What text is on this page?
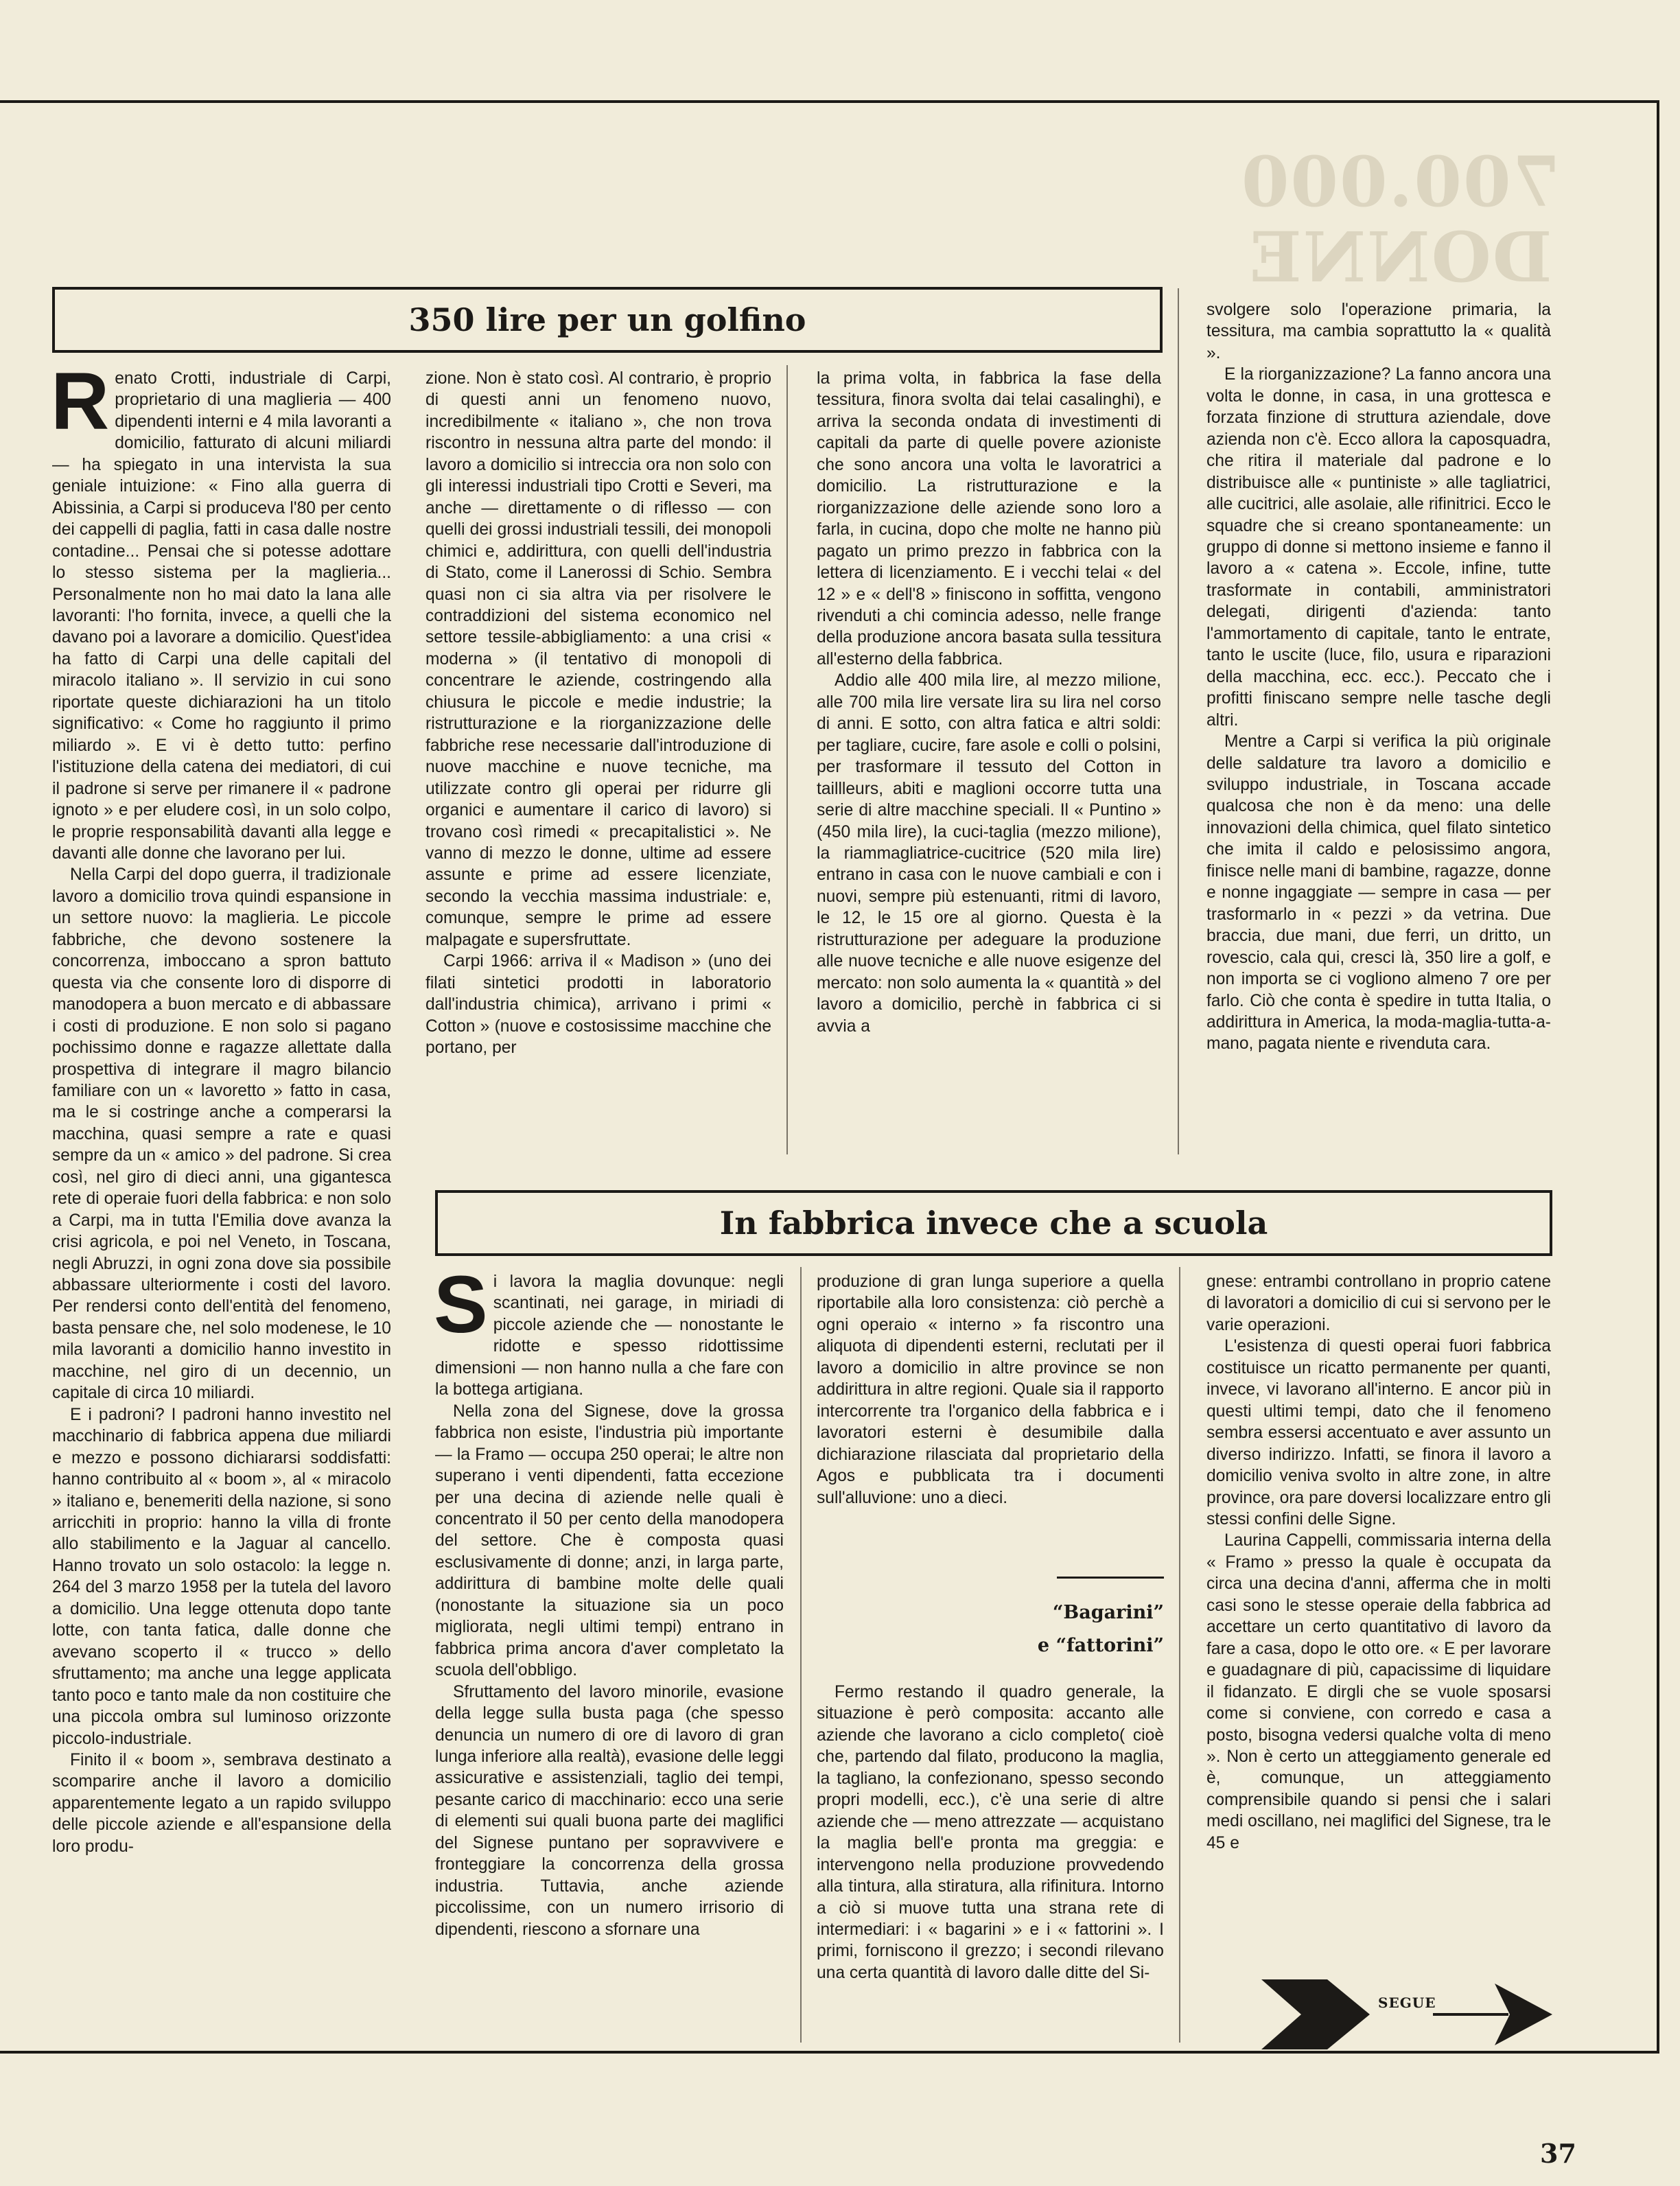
700.000 DONNE
350 lire per un golfino

Renato Crotti, industriale di Carpi, proprietario di una maglieria — 400 dipendenti interni e 4 mila lavoranti a domicilio, fatturato di alcuni miliardi — ha spiegato in una intervista la sua geniale intuizione: « Fino alla guerra di Abissinia, a Carpi si produceva l'80 per cento dei cappelli di paglia, fatti in casa dalle nostre contadine... Pensai che si potesse adottare lo stesso sistema per la maglieria... Personalmente non ho mai dato la lana alle lavoranti: l'ho fornita, invece, a quelli che la davano poi a lavorare a domicilio. Quest'idea ha fatto di Carpi una delle capitali del miracolo italiano ». Il servizio in cui sono riportate queste dichiarazioni ha un titolo significativo: « Come ho raggiunto il primo miliardo ». E vi è detto tutto: perfino l'istituzione della catena dei mediatori, di cui il padrone si serve per rimanere il « padrone ignoto » e per eludere così, in un solo colpo, le proprie responsabilità davanti alla legge e davanti alle donne che lavorano per lui.

Nella Carpi del dopo guerra, il tradizionale lavoro a domicilio trova quindi espansione in un settore nuovo: la maglieria. Le piccole fabbriche, che devono sostenere la concorrenza, imboccano a spron battuto questa via che consente loro di disporre di manodopera a buon mercato e di abbassare i costi di produzione. E non solo si pagano pochissimo donne e ragazze allettate dalla prospettiva di integrare il magro bilancio familiare con un « lavoretto » fatto in casa, ma le si costringe anche a comperarsi la macchina, quasi sempre a rate e quasi sempre da un « amico » del padrone. Si crea così, nel giro di dieci anni, una gigantesca rete di operaie fuori della fabbrica: e non solo a Carpi, ma in tutta l'Emilia dove avanza la crisi agricola, e poi nel Veneto, in Toscana, negli Abruzzi, in ogni zona dove sia possibile abbassare ulteriormente i costi del lavoro. Per rendersi conto dell'entità del fenomeno, basta pensare che, nel solo modenese, le 10 mila lavoranti a domicilio hanno investito in macchine, nel giro di un decennio, un capitale di circa 10 miliardi.

E i padroni? I padroni hanno investito nel macchinario di fabbrica appena due miliardi e mezzo e possono dichiararsi soddisfatti: hanno contribuito al « boom », al « miracolo » italiano e, benemeriti della nazione, si sono arricchiti in proprio: hanno la villa di fronte allo stabilimento e la Jaguar al cancello. Hanno trovato un solo ostacolo: la legge n. 264 del 3 marzo 1958 per la tutela del lavoro a domicilio. Una legge ottenuta dopo tante lotte, con tanta fatica, dalle donne che avevano scoperto il « trucco » dello sfruttamento; ma anche una legge applicata tanto poco e tanto male da non costituire che una piccola ombra sul luminoso orizzonte piccolo-industriale.

Finito il « boom », sembrava destinato a scomparire anche il lavoro a domicilio apparentemente legato a un rapido sviluppo delle piccole aziende e all'espansione della loro produ-

zione. Non è stato così. Al contrario, è proprio di questi anni un fenomeno nuovo, incredibilmente « italiano », che non trova riscontro in nessuna altra parte del mondo: il lavoro a domicilio si intreccia ora non solo con gli interessi industriali tipo Crotti e Severi, ma anche — direttamente o di riflesso — con quelli dei grossi industriali tessili, dei monopoli chimici e, addirittura, con quelli dell'industria di Stato, come il Lanerossi di Schio. Sembra quasi non ci sia altra via per risolvere le contraddizioni del sistema economico nel settore tessile-abbigliamento: a una crisi « moderna » (il tentativo di monopoli di concentrare le aziende, costringendo alla chiusura le piccole e medie industrie; la ristrutturazione e la riorganizzazione delle fabbriche rese necessarie dall'introduzione di nuove macchine e nuove tecniche, ma utilizzate contro gli operai per ridurre gli organici e aumentare il carico di lavoro) si trovano così rimedi « precapitalistici ». Ne vanno di mezzo le donne, ultime ad essere assunte e prime ad essere licenziate, secondo la vecchia massima industriale: e, comunque, sempre le prime ad essere malpagate e supersfruttate.

Carpi 1966: arriva il « Madison » (uno dei filati sintetici prodotti in laboratorio dall'industria chimica), arrivano i primi « Cotton » (nuove e costosissime macchine che portano, per

la prima volta, in fabbrica la fase della tessitura, finora svolta dai telai casalinghi), e arriva la seconda ondata di investimenti di capitali da parte di quelle povere azioniste che sono ancora una volta le lavoratrici a domicilio. La ristrutturazione e la riorganizzazione delle aziende sono loro a farla, in cucina, dopo che molte ne hanno più pagato un primo prezzo in fabbrica con la lettera di licenziamento. E i vecchi telai « del 12 » e « dell'8 » finiscono in soffitta, vengono rivenduti a chi comincia adesso, nelle frange della produzione ancora basata sulla tessitura all'esterno della fabbrica.

Addio alle 400 mila lire, al mezzo milione, alle 700 mila lire versate lira su lira nel corso di anni. E sotto, con altra fatica e altri soldi: per tagliare, cucire, fare asole e colli o polsini, per trasformare il tessuto del Cotton in taillleurs, abiti e maglioni occorre tutta una serie di altre macchine speciali. Il « Puntino » (450 mila lire), la cuci-taglia (mezzo milione), la riammagliatrice-cucitrice (520 mila lire) entrano in casa con le nuove cambiali e con i nuovi, sempre più estenuanti, ritmi di lavoro, le 12, le 15 ore al giorno. Questa è la ristrutturazione per adeguare la produzione alle nuove tecniche e alle nuove esigenze del mercato: non solo aumenta la « quantità » del lavoro a domicilio, perchè in fabbrica ci si avvia a

svolgere solo l'operazione primaria, la tessitura, ma cambia soprattutto la « qualità ».

E la riorganizzazione? La fanno ancora una volta le donne, in casa, in una grottesca e forzata finzione di struttura aziendale, dove azienda non c'è. Ecco allora la caposquadra, che ritira il materiale dal padrone e lo distribuisce alle « puntiniste » alle tagliatrici, alle cucitrici, alle asolaie, alle rifinitrici. Ecco le squadre che si creano spontaneamente: un gruppo di donne si mettono insieme e fanno il lavoro a « catena ». Eccole, infine, tutte trasformate in contabili, amministratori delegati, dirigenti d'azienda: tanto l'ammortamento di capitale, tanto le entrate, tanto le uscite (luce, filo, usura e riparazioni della macchina, ecc. ecc.). Peccato che i profitti finiscano sempre nelle tasche degli altri.

Mentre a Carpi si verifica la più originale delle saldature tra lavoro a domicilio e sviluppo industriale, in Toscana accade qualcosa che non è da meno: una delle innovazioni della chimica, quel filato sintetico che imita il caldo e pelosissimo angora, finisce nelle mani di bambine, ragazze, donne e nonne ingaggiate — sempre in casa — per trasformarlo in « pezzi » da vetrina. Due braccia, due mani, due ferri, un dritto, un rovescio, cala qui, cresci là, 350 lire a golf, e non importa se ci vogliono almeno 7 ore per farlo. Ciò che conta è spedire in tutta Italia, o addirittura in America, la moda-maglia-tutta-a-mano, pagata niente e rivenduta cara.

In fabbrica invece che a scuola

Si lavora la maglia dovunque: negli scantinati, nei garage, in miriadi di piccole aziende che — nonostante le ridotte e spesso ridottissime dimensioni — non hanno nulla a che fare con la bottega artigiana.

Nella zona del Signese, dove la grossa fabbrica non esiste, l'industria più importante — la Framo — occupa 250 operai; le altre non superano i venti dipendenti, fatta eccezione per una decina di aziende nelle quali è concentrato il 50 per cento della manodopera del settore. Che è composta quasi esclusivamente di donne; anzi, in larga parte, addirittura di bambine molte delle quali (nonostante la situazione sia un poco migliorata, negli ultimi tempi) entrano in fabbrica prima ancora d'aver completato la scuola dell'obbligo.

Sfruttamento del lavoro minorile, evasione della legge sulla busta paga (che spesso denuncia un numero di ore di lavoro di gran lunga inferiore alla realtà), evasione delle leggi assicurative e assistenziali, taglio dei tempi, pesante carico di macchinario: ecco una serie di elementi sui quali buona parte dei maglifici del Signese puntano per sopravvivere e fronteggiare la concorrenza della grossa industria. Tuttavia, anche aziende piccolissime, con un numero irrisorio di dipendenti, riescono a sfornare una

produzione di gran lunga superiore a quella riportabile alla loro consistenza: ciò perchè a ogni operaio « interno » fa riscontro una aliquota di dipendenti esterni, reclutati per il lavoro a domicilio in altre province se non addirittura in altre regioni. Quale sia il rapporto intercorrente tra l'organico della fabbrica e i lavoratori esterni è desumibile dalla dichiarazione rilasciata dal proprietario della Agos e pubblicata tra i documenti sull'alluvione: uno a dieci.

“Bagarini”
e “fattorini”

Fermo restando il quadro generale, la situazione è però composita: accanto alle aziende che lavorano a ciclo completo( cioè che, partendo dal filato, producono la maglia, la tagliano, la confezionano, spesso secondo propri modelli, ecc.), c'è una serie di altre aziende che — meno attrezzate — acquistano la maglia bell'e pronta ma greggia: e intervengono nella produzione provvedendo alla tintura, alla stiratura, alla rifinitura. Intorno a ciò si muove tutta una strana rete di intermediari: i « bagarini » e i « fattorini ». I primi, forniscono il grezzo; i secondi rilevano una certa quantità di lavoro dalle ditte del Si-

gnese: entrambi controllano in proprio catene di lavoratori a domicilio di cui si servono per le varie operazioni.

L'esistenza di questi operai fuori fabbrica costituisce un ricatto permanente per quanti, invece, vi lavorano all'interno. E ancor più in questi ultimi tempi, dato che il fenomeno sembra essersi accentuato e aver assunto un diverso indirizzo. Infatti, se finora il lavoro a domicilio veniva svolto in altre zone, in altre province, ora pare doversi localizzare entro gli stessi confini delle Signe.

Laurina Cappelli, commissaria interna della « Framo » presso la quale è occupata da circa una decina d'anni, afferma che in molti casi sono le stesse operaie della fabbrica ad accettare un certo quantitativo di lavoro da fare a casa, dopo le otto ore. « E per lavorare e guadagnare di più, capacissime di liquidare il fidanzato. E dirgli che se vuole sposarsi come si conviene, con corredo e casa a posto, bisogna vedersi qualche volta di meno ». Non è certo un atteggiamento generale ed è, comunque, un atteggiamento comprensibile quando si pensi che i salari medi oscillano, nei maglifici del Signese, tra le 45 e

SEGUE
37
